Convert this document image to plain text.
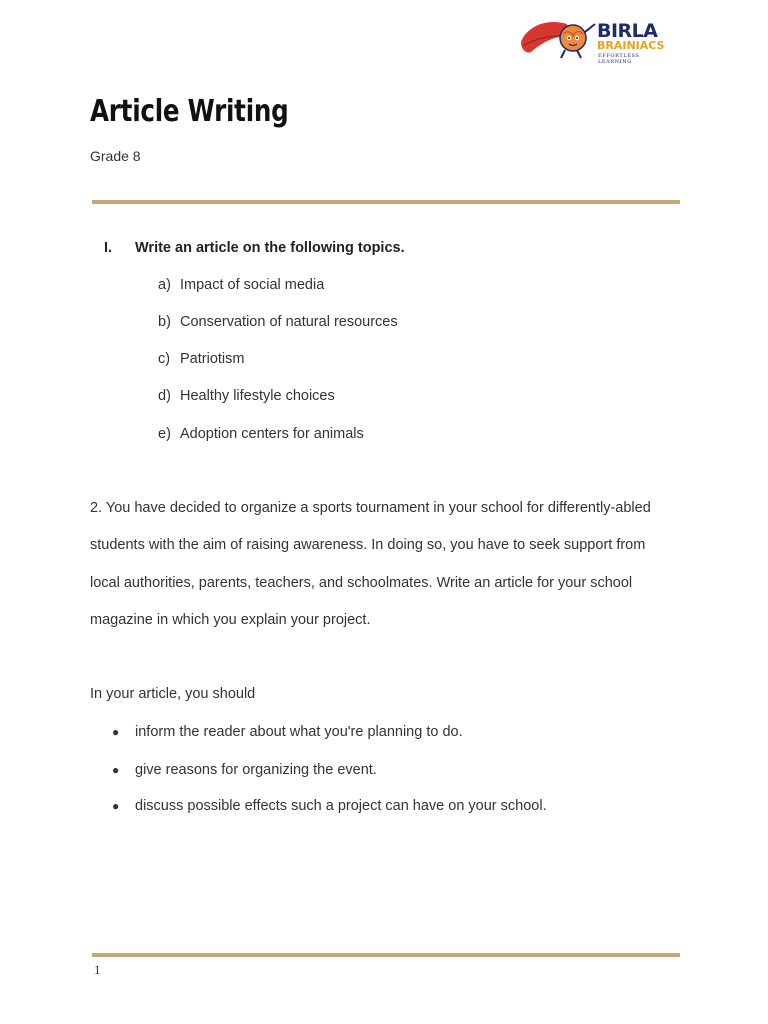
BIRLA
BRAINIACS
EFFORTLESS LEARNING
Article Writing
Grade 8
I. Write an article on the following topics.
a) Impact of social media
b) Conservation of natural resources
c) Patriotism
d) Healthy lifestyle choices
e) Adoption centers for animals
2. You have decided to organize a sports tournament in your school for differently-abled
students with the aim of raising awareness. In doing so, you have to seek support from
local authorities, parents, teachers, and schoolmates. Write an article for your school
magazine in which you explain your project.
In your article, you should
● inform the reader about what you're planning to do.
● give reasons for organizing the event.
● discuss possible effects such a project can have on your school.
1
